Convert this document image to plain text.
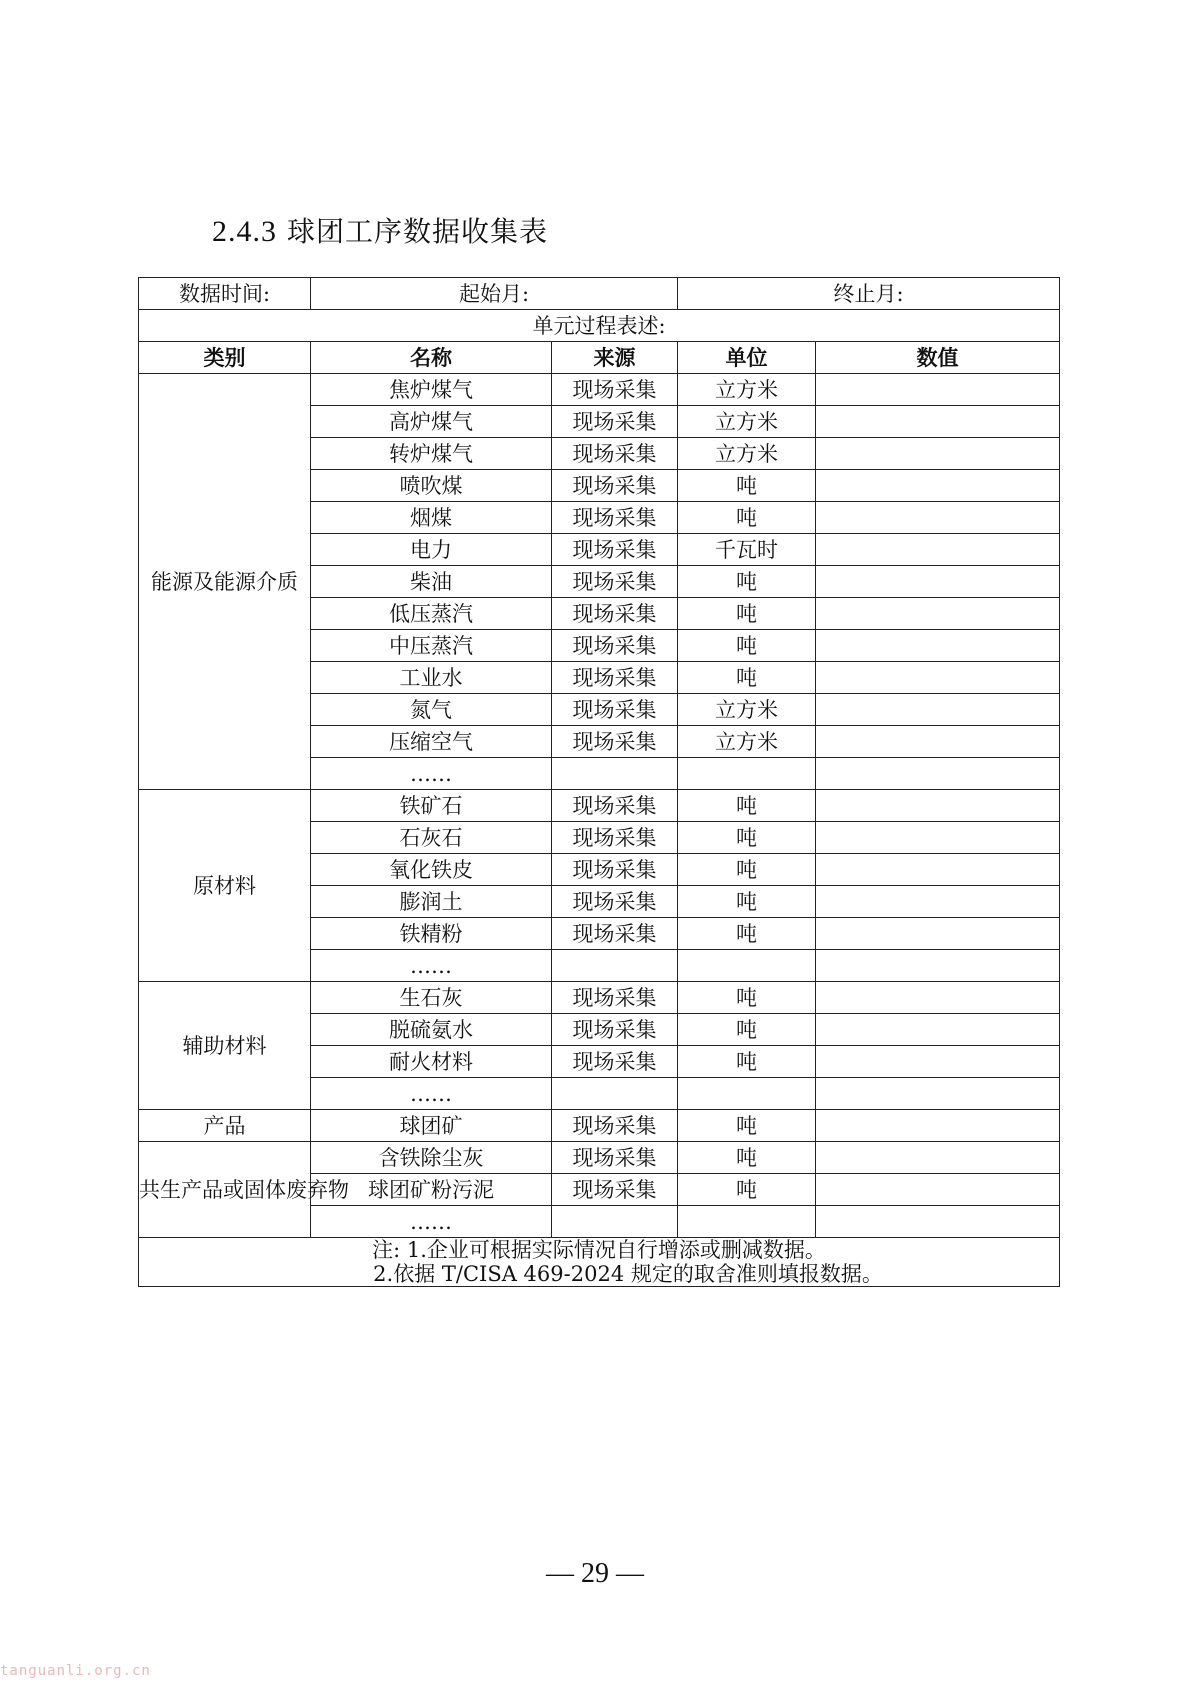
2.4.3 球团工序数据收集表
数据时间:	起始月:		终止月:	
单元过程表述:				
类别	名称	来源	单位	数值
能源及能源介质	焦炉煤气	现场采集	立方米	
	高炉煤气	现场采集	立方米	
	转炉煤气	现场采集	立方米	
	喷吹煤	现场采集	吨	
	烟煤	现场采集	吨	
	电力	现场采集	千瓦时	
	柴油	现场采集	吨	
	低压蒸汽	现场采集	吨	
	中压蒸汽	现场采集	吨	
	工业水	现场采集	吨	
	氮气	现场采集	立方米	
	压缩空气	现场采集	立方米	
	……			
原材料	铁矿石	现场采集	吨	
	石灰石	现场采集	吨	
	氧化铁皮	现场采集	吨	
	膨润土	现场采集	吨	
	铁精粉	现场采集	吨	
	……			
辅助材料	生石灰	现场采集	吨	
	脱硫氨水	现场采集	吨	
	耐火材料	现场采集	吨	
	……			
产品	球团矿	现场采集	吨	
共生产品或固体废弃物	含铁除尘灰	现场采集	吨	
	球团矿粉污泥	现场采集	吨	
	……			

注: 1.企业可根据实际情况自行增添或删减数据。
2.依据 T/CISA 469-2024 规定的取舍准则填报数据。				
— 29 —
tanguanli.org.cn
